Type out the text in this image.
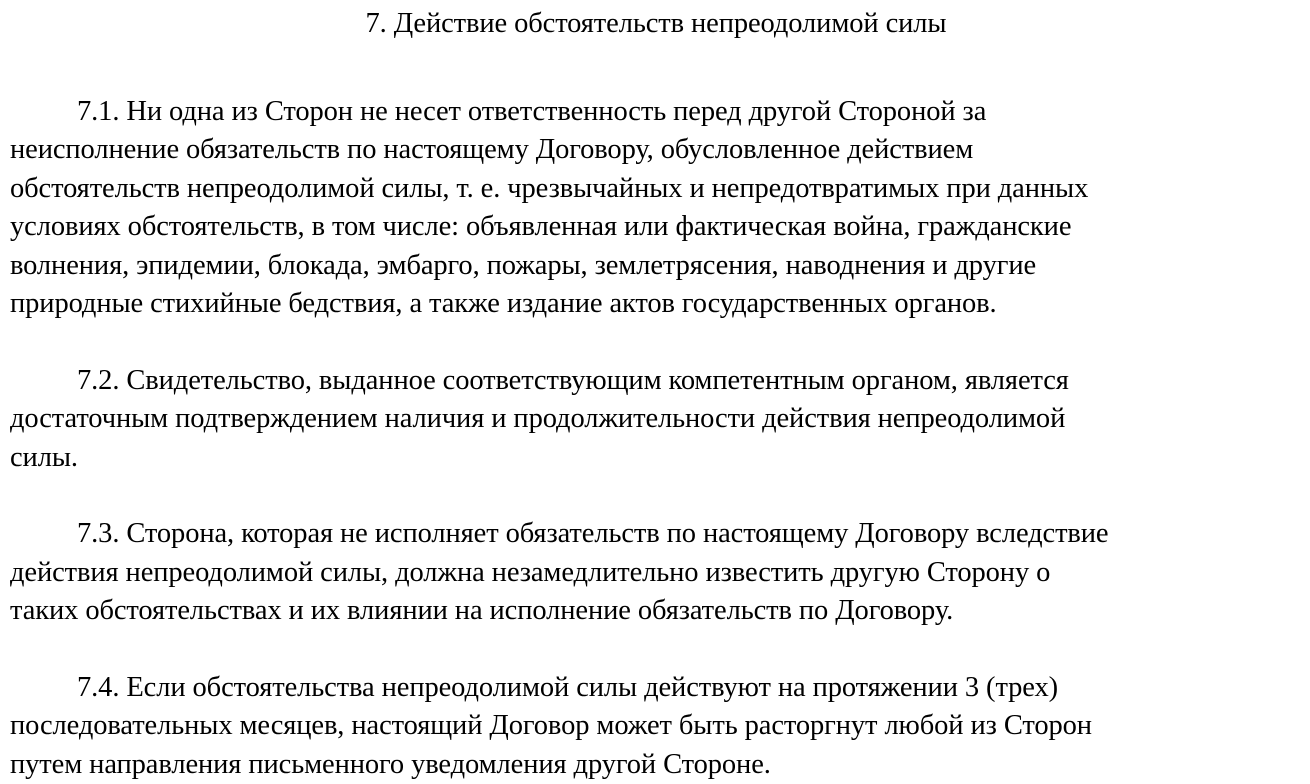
7. Действие обстоятельств непреодолимой силы
7.1. Ни одна из Сторон не несет ответственность перед другой Стороной за
неисполнение обязательств по настоящему Договору, обусловленное действием
обстоятельств непреодолимой силы, т. е. чрезвычайных и непредотвратимых при данных
условиях обстоятельств, в том числе: объявленная или фактическая война, гражданские
волнения, эпидемии, блокада, эмбарго, пожары, землетрясения, наводнения и другие
природные стихийные бедствия, а также издание актов государственных органов.
7.2. Свидетельство, выданное соответствующим компетентным органом, является
достаточным подтверждением наличия и продолжительности действия непреодолимой
силы.
7.3. Сторона, которая не исполняет обязательств по настоящему Договору вследствие
действия непреодолимой силы, должна незамедлительно известить другую Сторону о
таких обстоятельствах и их влиянии на исполнение обязательств по Договору.
7.4. Если обстоятельства непреодолимой силы действуют на протяжении 3 (трех)
последовательных месяцев, настоящий Договор может быть расторгнут любой из Сторон
путем направления письменного уведомления другой Стороне.
